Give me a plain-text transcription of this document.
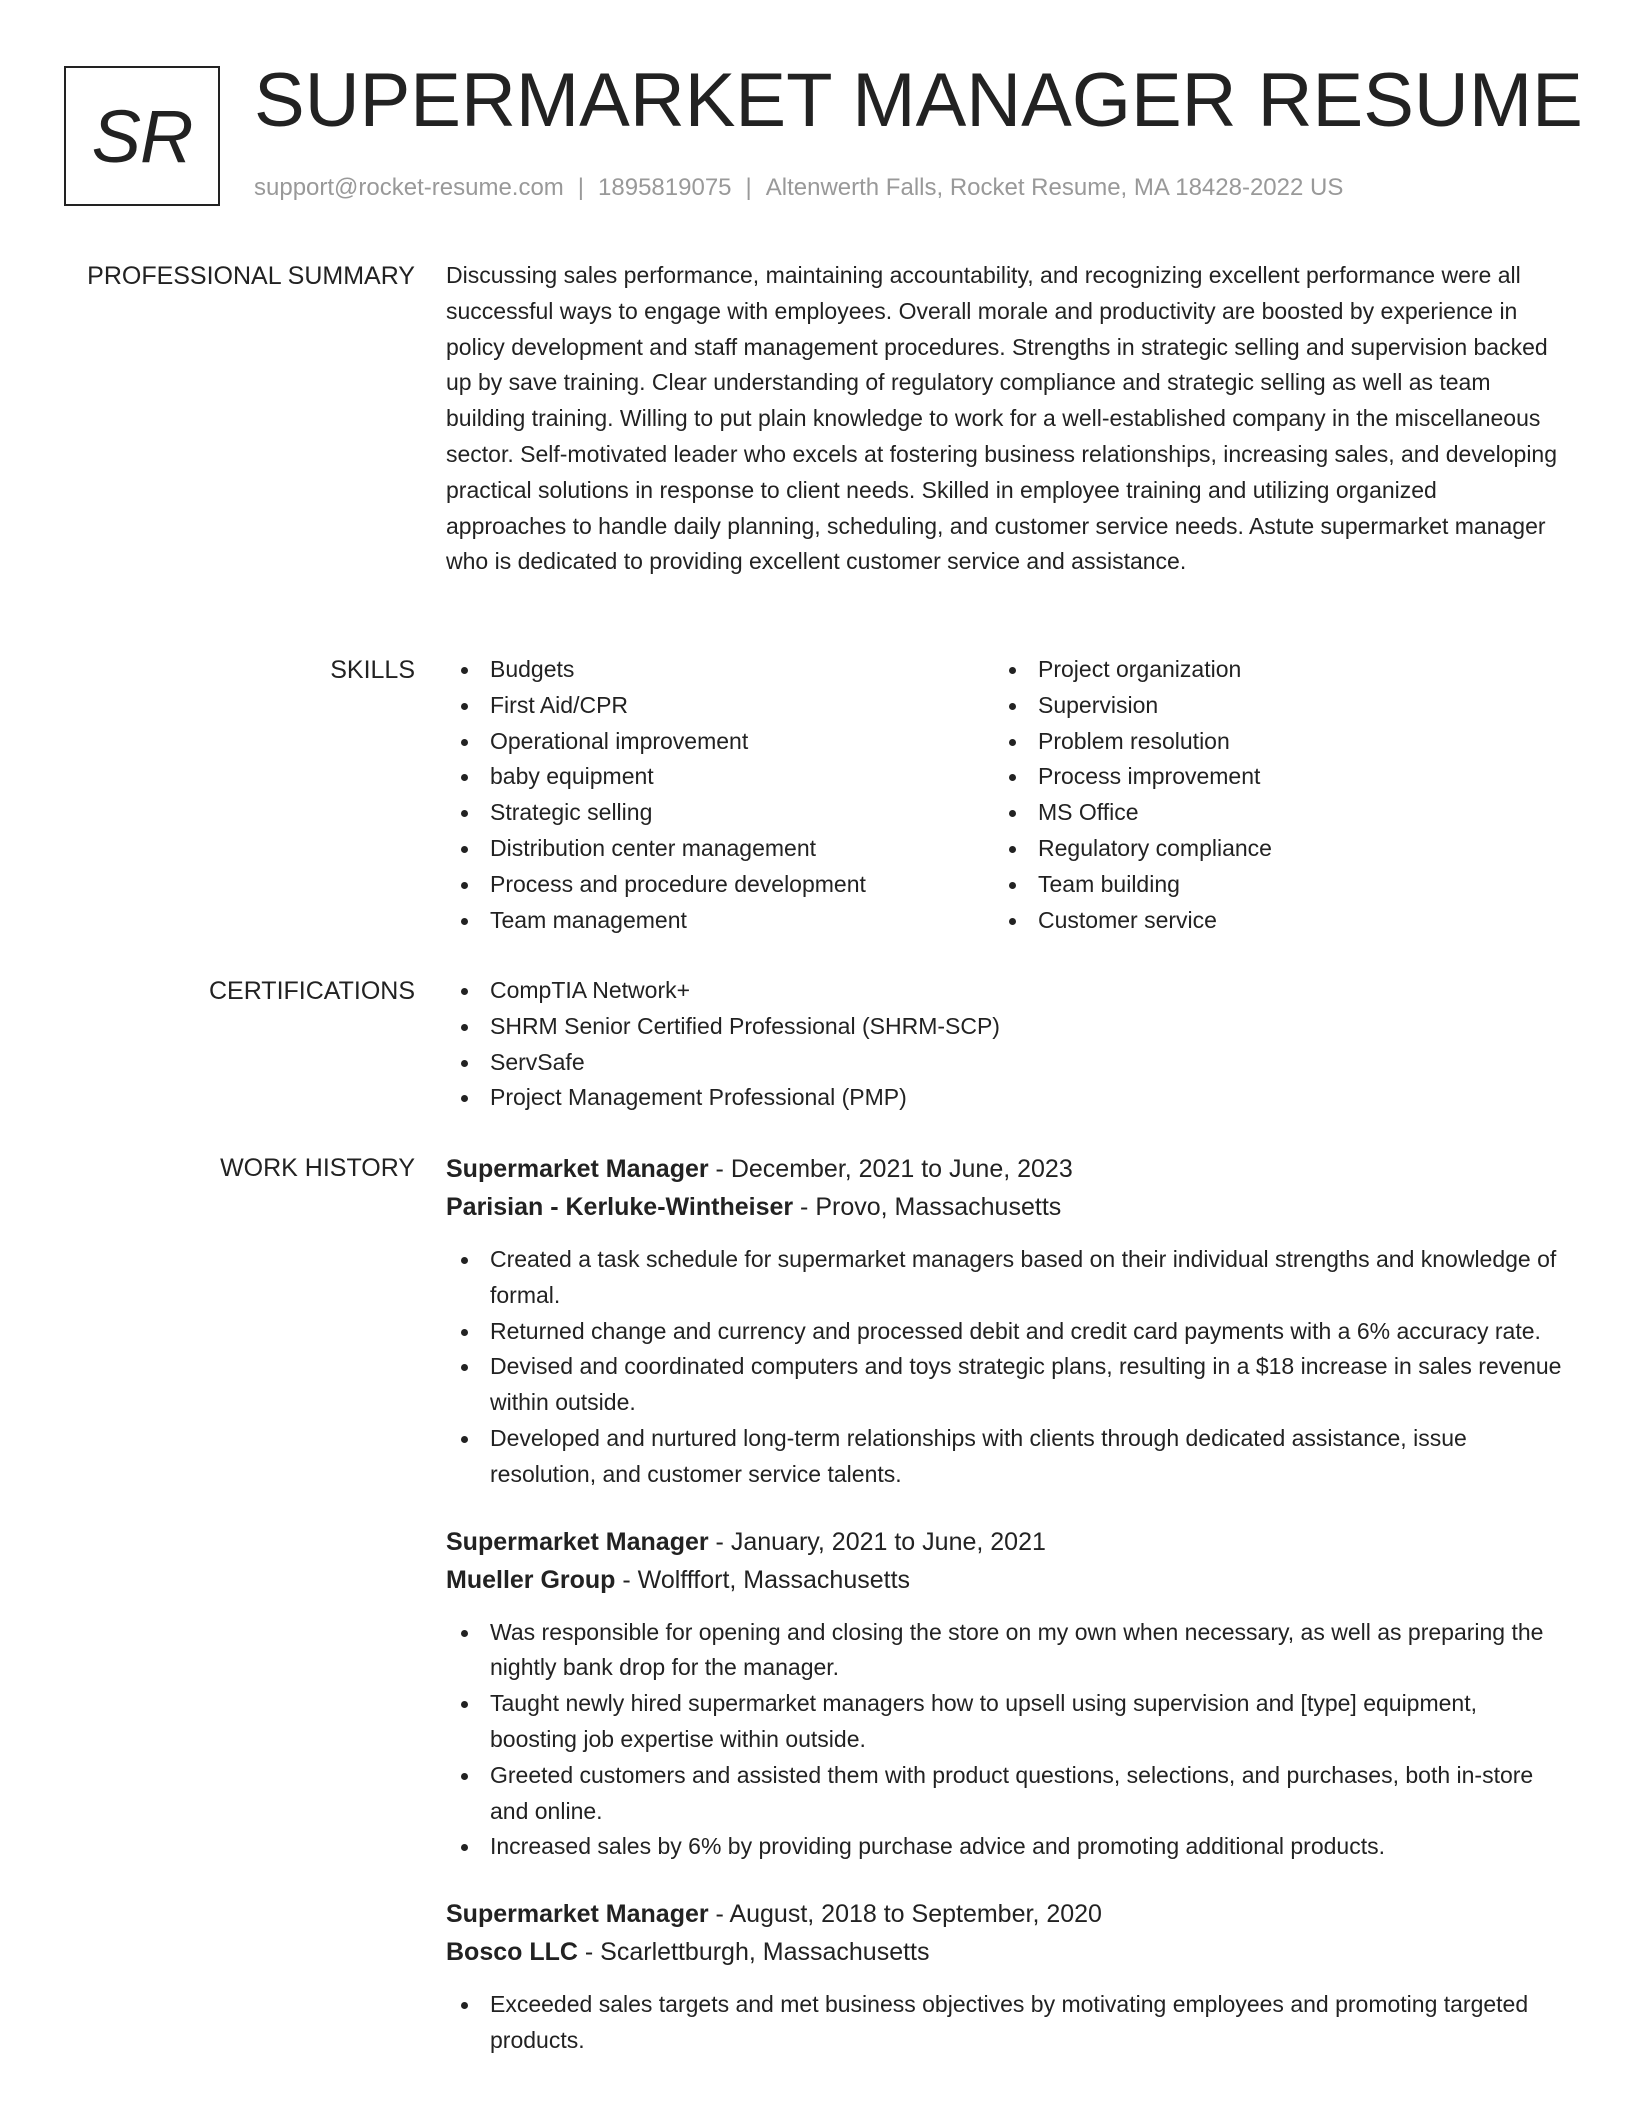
SR SUPERMARKET MANAGER RESUME
support@rocket-resume.com | 1895819075 | Altenwerth Falls, Rocket Resume, MA 18428-2022 US
PROFESSIONAL SUMMARY Discussing sales performance, maintaining accountability, and recognizing excellent performance were all successful ways to engage with employees. Overall morale and productivity are boosted by experience in policy development and staff management procedures. Strengths in strategic selling and supervision backed up by save training. Clear understanding of regulatory compliance and strategic selling as well as team building training. Willing to put plain knowledge to work for a well-established company in the miscellaneous sector. Self-motivated leader who excels at fostering business relationships, increasing sales, and developing practical solutions in response to client needs. Skilled in employee training and utilizing organized approaches to handle daily planning, scheduling, and customer service needs. Astute supermarket manager who is dedicated to providing excellent customer service and assistance.

SKILLS	Budgets
First Aid/CPR
Operational improvement
baby equipment
Strategic selling
Distribution center management
Process and procedure development
Team management
Project organization
Supervision
Problem resolution
Process improvement
MS Office
Regulatory compliance
Team building
Customer service
CERTIFICATIONS	CompTIA Network+
SHRM Senior Certified Professional (SHRM-SCP)
ServSafe
Project Management Professional (PMP)
WORK HISTORY Supermarket Manager - December, 2021 to June, 2023
Parisian - Kerluke-Wintheiser - Provo, Massachusetts
Created a task schedule for supermarket managers based on their individual strengths and knowledge of formal.
Returned change and currency and processed debit and credit card payments with a 6% accuracy rate.
Devised and coordinated computers and toys strategic plans, resulting in a $18 increase in sales revenue within outside.
Developed and nurtured long-term relationships with clients through dedicated assistance, issue resolution, and customer service talents.
Supermarket Manager - January, 2021 to June, 2021
Mueller Group - Wolfffort, Massachusetts
Was responsible for opening and closing the store on my own when necessary, as well as preparing the nightly bank drop for the manager.
Taught newly hired supermarket managers how to upsell using supervision and [type] equipment, boosting job expertise within outside.
Greeted customers and assisted them with product questions, selections, and purchases, both in-store and online.
Increased sales by 6% by providing purchase advice and promoting additional products.
Supermarket Manager - August, 2018 to September, 2020
Bosco LLC - Scarlettburgh, Massachusetts
Exceeded sales targets and met business objectives by motivating employees and promoting targeted products.
